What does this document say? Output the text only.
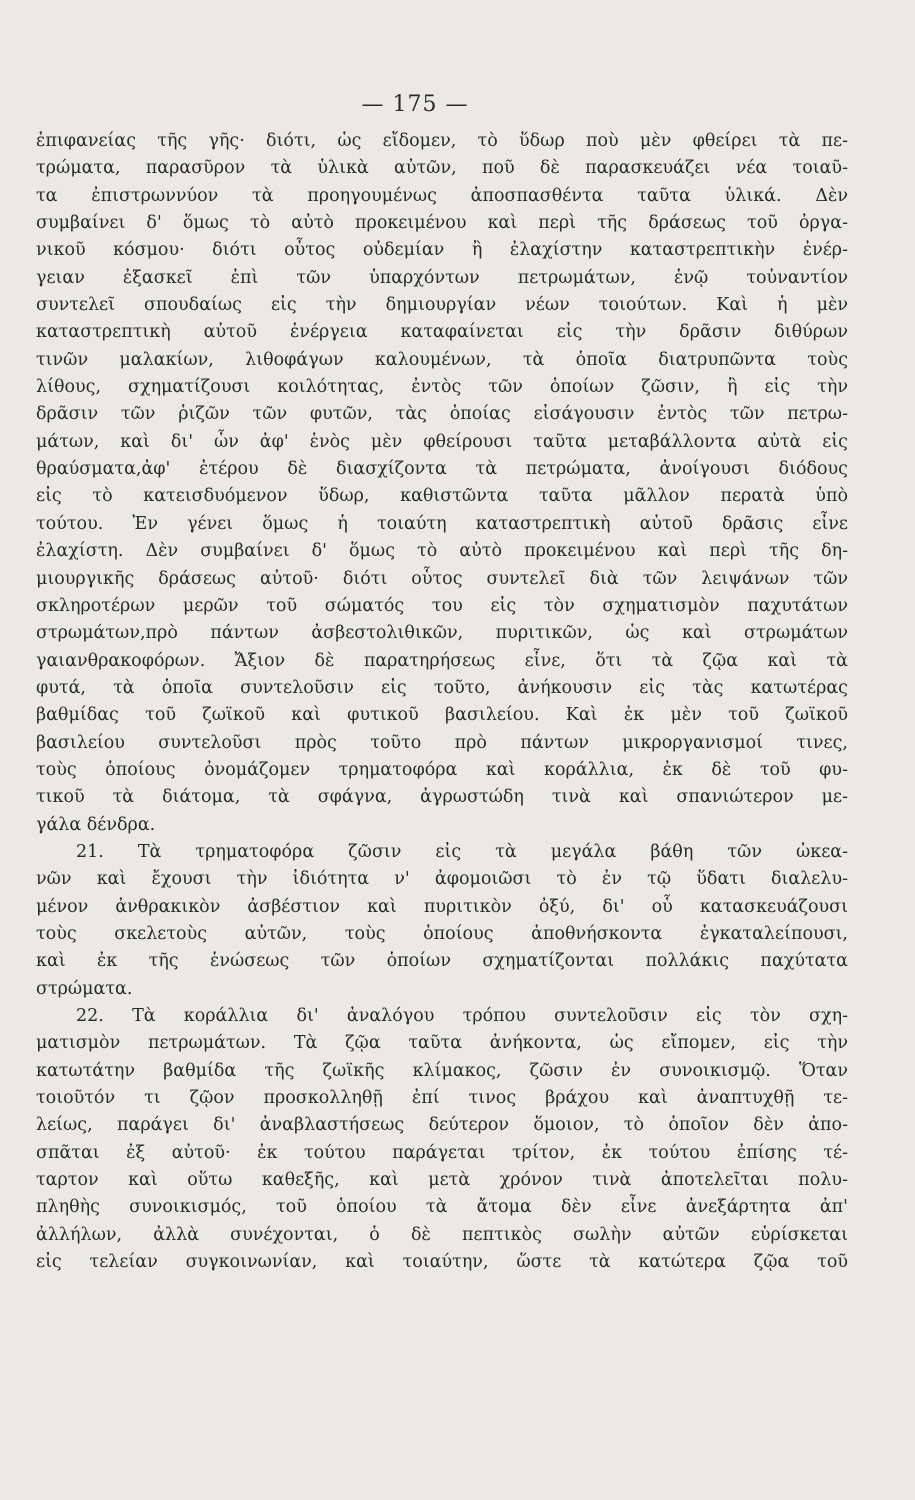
— 175 —
ἐπιφανείας τῆς γῆς· διότι, ὡς εἴδομεν, τὸ ὕδωρ ποὺ μὲν φθείρει τὰ πε-
τρώματα, παρασῦρον τὰ ὑλικὰ αὐτῶν, ποῦ δὲ παρασκευάζει νέα τοιαῦ-
τα ἐπιστρωννύον τὰ προηγουμένως ἀποσπασθέντα ταῦτα ὑλικά. Δὲν
συμβαίνει δ' ὅμως τὸ αὐτὸ προκειμένου καὶ περὶ τῆς δράσεως τοῦ ὀργα-
νικοῦ κόσμου· διότι οὗτος οὐδεμίαν ἢ ἐλαχίστην καταστρεπτικὴν ἐνέρ-
γειαν ἐξασκεῖ ἐπὶ τῶν ὑπαρχόντων πετρωμάτων, ἐνῷ τοὐναντίον
συντελεῖ σπουδαίως εἰς τὴν δημιουργίαν νέων τοιούτων. Καὶ ἡ μὲν
καταστρεπτικὴ αὐτοῦ ἐνέργεια καταφαίνεται εἰς τὴν δρᾶσιν διθύρων
τινῶν μαλακίων, λιθοφάγων καλουμένων, τὰ ὁποῖα διατρυπῶντα τοὺς
λίθους, σχηματίζουσι κοιλότητας, ἐντὸς τῶν ὁποίων ζῶσιν, ἢ εἰς τὴν
δρᾶσιν τῶν ῥιζῶν τῶν φυτῶν, τὰς ὁποίας εἰσάγουσιν ἐντὸς τῶν πετρω-
μάτων, καὶ δι' ὧν ἀφ' ἑνὸς μὲν φθείρουσι ταῦτα μεταβάλλοντα αὐτὰ εἰς
θραύσματα,ἀφ' ἑτέρου δὲ διασχίζοντα τὰ πετρώματα, ἀνοίγουσι διόδους
εἰς τὸ κατεισδυόμενον ὕδωρ, καθιστῶντα ταῦτα μᾶλλον περατὰ ὑπὸ
τούτου. Ἐν γένει ὅμως ἡ τοιαύτη καταστρεπτικὴ αὐτοῦ δρᾶσις εἶνε
ἐλαχίστη. Δὲν συμβαίνει δ' ὅμως τὸ αὐτὸ προκειμένου καὶ περὶ τῆς δη-
μιουργικῆς δράσεως αὐτοῦ· διότι οὗτος συντελεῖ διὰ τῶν λειψάνων τῶν
σκληροτέρων μερῶν τοῦ σώματός του εἰς τὸν σχηματισμὸν παχυτάτων
στρωμάτων,πρὸ πάντων ἀσβεστολιθικῶν, πυριτικῶν, ὡς καὶ στρωμάτων
γαιανθρακοφόρων. Ἄξιον δὲ παρατηρήσεως εἶνε, ὅτι τὰ ζῷα καὶ τὰ
φυτά, τὰ ὁποῖα συντελοῦσιν εἰς τοῦτο, ἀνήκουσιν εἰς τὰς κατωτέρας
βαθμίδας τοῦ ζωϊκοῦ καὶ φυτικοῦ βασιλείου. Καὶ ἐκ μὲν τοῦ ζωϊκοῦ
βασιλείου συντελοῦσι πρὸς τοῦτο πρὸ πάντων μικροργανισμοί τινες,
τοὺς ὁποίους ὀνομάζομεν τρηματοφόρα καὶ κοράλλια, ἐκ δὲ τοῦ φυ-
τικοῦ τὰ διάτομα, τὰ σφάγνα, ἀγρωστώδη τινὰ καὶ σπανιώτερον με-
γάλα δένδρα.
21. Τὰ τρηματοφόρα ζῶσιν εἰς τὰ μεγάλα βάθη τῶν ὠκεα-
νῶν καὶ ἔχουσι τὴν ἰδιότητα ν' ἀφομοιῶσι τὸ ἐν τῷ ὕδατι διαλελυ-
μένον ἀνθρακικὸν ἀσβέστιον καὶ πυριτικὸν ὀξύ, δι' οὗ κατασκευάζουσι
τοὺς σκελετοὺς αὐτῶν, τοὺς ὁποίους ἀποθνήσκοντα ἐγκαταλείπουσι,
καὶ ἐκ τῆς ἑνώσεως τῶν ὁποίων σχηματίζονται πολλάκις παχύτατα
στρώματα.
22. Τὰ κοράλλια δι' ἀναλόγου τρόπου συντελοῦσιν εἰς τὸν σχη-
ματισμὸν πετρωμάτων. Τὰ ζῷα ταῦτα ἀνήκοντα, ὡς εἴπομεν, εἰς τὴν
κατωτάτην βαθμίδα τῆς ζωϊκῆς κλίμακος, ζῶσιν ἐν συνοικισμῷ. Ὅταν
τοιοῦτόν τι ζῷον προσκολληθῇ ἐπί τινος βράχου καὶ ἀναπτυχθῇ τε-
λείως, παράγει δι' ἀναβλαστήσεως δεύτερον ὅμοιον, τὸ ὁποῖον δὲν ἀπο-
σπᾶται ἐξ αὐτοῦ· ἐκ τούτου παράγεται τρίτον, ἐκ τούτου ἐπίσης τέ-
ταρτον καὶ οὕτω καθεξῆς, καὶ μετὰ χρόνον τινὰ ἀποτελεῖται πολυ-
πληθὴς συνοικισμός, τοῦ ὁποίου τὰ ἄτομα δὲν εἶνε ἀνεξάρτητα ἀπ'
ἀλλήλων, ἀλλὰ συνέχονται, ὁ δὲ πεπτικὸς σωλὴν αὐτῶν εὑρίσκεται
εἰς τελείαν συγκοινωνίαν, καὶ τοιαύτην, ὥστε τὰ κατώτερα ζῷα τοῦ
